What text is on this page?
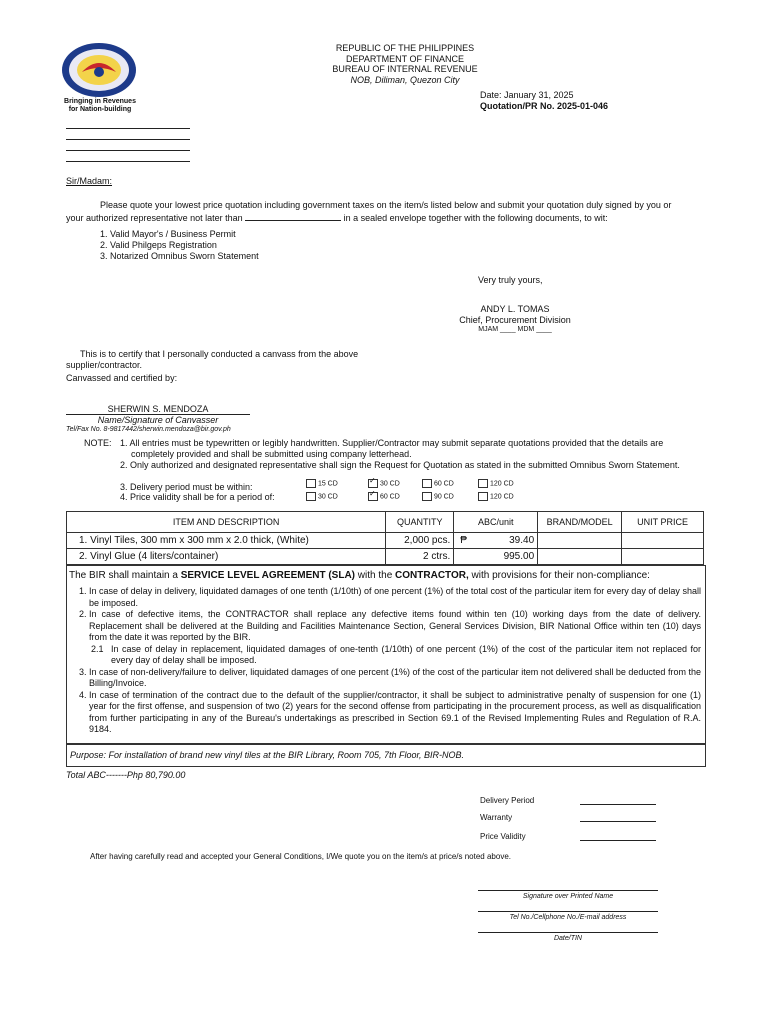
Bringing in Revenues
for Nation-building
REPUBLIC OF THE PHILIPPINES
DEPARTMENT OF FINANCE
BUREAU OF INTERNAL REVENUE
NOB, Diliman, Quezon City
Date: January 31, 2025
Quotation/PR No. 2025-01-046
Sir/Madam:
Please quote your lowest price quotation including government taxes on the item/s listed below and submit your quotation duly signed by you or
your authorized representative not later than	in a sealed envelope together with the following documents, to wit:
1. Valid Mayor's / Business Permit
2. Valid Philgeps Registration
3. Notarized Omnibus Sworn Statement
Very truly yours,
ANDY L. TOMAS
Chief, Procurement Division
MJAM ____ MDM ____
This is to certify that I personally conducted a canvass from the above
supplier/contractor.
Canvassed and certified by:
SHERWIN S. MENDOZA
Name/Signature of Canvasser
Tel/Fax No. 8-9817442/sherwin.mendoza@bir.gov.ph
NOTE: 1. All entries must be typewritten or legibly handwritten. Supplier/Contractor may submit separate quotations provided that the details are
completely provided and shall be submitted using company letterhead.
2. Only authorized and designated representative shall sign the Request for Quotation as stated in the submitted Omnibus Sworn Statement.
3. Delivery period must be within:
4. Price validity shall be for a period of:
15 CD ✓	30 CD	60 CD	120 CD
30 CD ✓	60 CD	90 CD	120 CD
ITEM AND DESCRIPTION	QUANTITY	ABC/unit	BRAND/MODEL	UNIT PRICE
1. Vinyl Tiles, 300 mm x 300 mm x 2.0 thick, (White)	2,000 pcs.	₱ 39.40		

2. Vinyl Glue (4 liters/container)	2 ctrs.	995.00		

The BIR shall maintain a SERVICE LEVEL AGREEMENT (SLA) with the CONTRACTOR, with provisions for their non-compliance:
1. In case of delay in delivery, liquidated damages of one tenth (1/10th) of one percent (1%) of the total cost of the particular item for every day of delay shall be imposed.
2. In case of defective items, the CONTRACTOR shall replace any defective items found within ten (10) working days from the date of delivery. Replacement shall be delivered at the Building and Facilities Maintenance Section, General Services Division, BIR National Office within ten (10) days from the date it was reported by the BIR.
2.1 In case of delay in replacement, liquidated damages of one-tenth (1/10th) of one percent (1%) of the cost of the particular item not replaced for every day of delay shall be imposed.
3. In case of non-delivery/failure to deliver, liquidated damages of one percent (1%) of the cost of the particular item not delivered shall be deducted from the Billing/Invoice.
4. In case of termination of the contract due to the default of the supplier/contractor, it shall be subject to administrative penalty of suspension for one (1) year for the first offense, and suspension of two (2) years for the second offense from participating in the procurement process, as well as disqualification from further participating in any of the Bureau's undertakings as prescribed in Section 69.1 of the Revised Implementing Rules and Regulation of R.A. 9184.
Purpose: For installation of brand new vinyl tiles at the BIR Library, Room 705, 7th Floor, BIR-NOB.
Total ABC-------Php 80,790.00
Delivery Period
Warranty
Price Validity
After having carefully read and accepted your General Conditions, I/We quote you on the item/s at price/s noted above.
Signature over Printed Name
Tel No./Cellphone No./E-mail address
Date/TIN
